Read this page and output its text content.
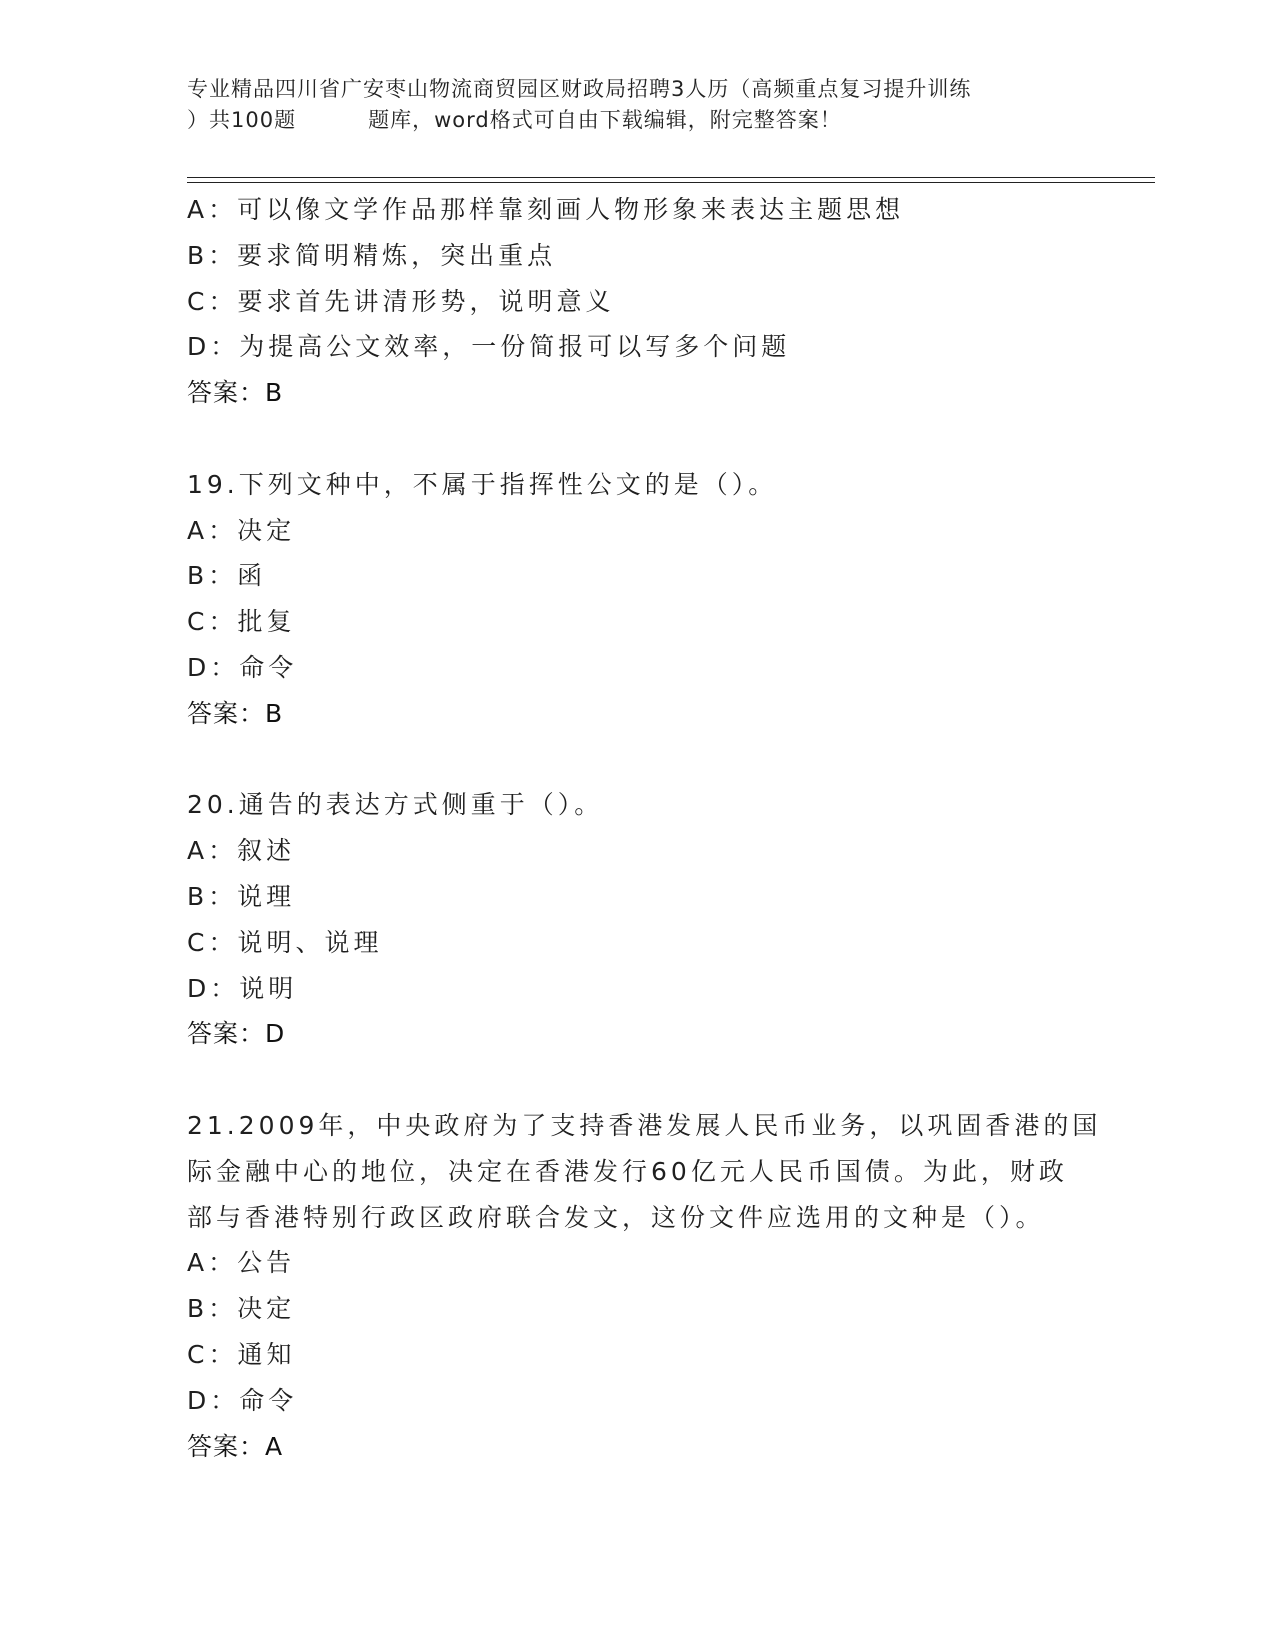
专业精品四川省广安枣山物流商贸园区财政局招聘3人历（高频重点复习提升训练
）共100题	题库，word格式可自由下载编辑，附完整答案！
A：可以像文学作品那样靠刻画人物形象来表达主题思想
B：要求简明精炼，突出重点
C：要求首先讲清形势，说明意义
D：为提高公文效率，一份简报可以写多个问题
答案：B
19.下列文种中，不属于指挥性公文的是（）。
A：决定
B：函
C：批复
D：命令
答案：B
20.通告的表达方式侧重于（）。
A：叙述
B：说理
C：说明、说理
D：说明
答案：D
21.2009年，中央政府为了支持香港发展人民币业务，以巩固香港的国
际金融中心的地位，决定在香港发行60亿元人民币国债。为此，财政
部与香港特别行政区政府联合发文，这份文件应选用的文种是（）。
A：公告
B：决定
C：通知
D：命令
答案：A
